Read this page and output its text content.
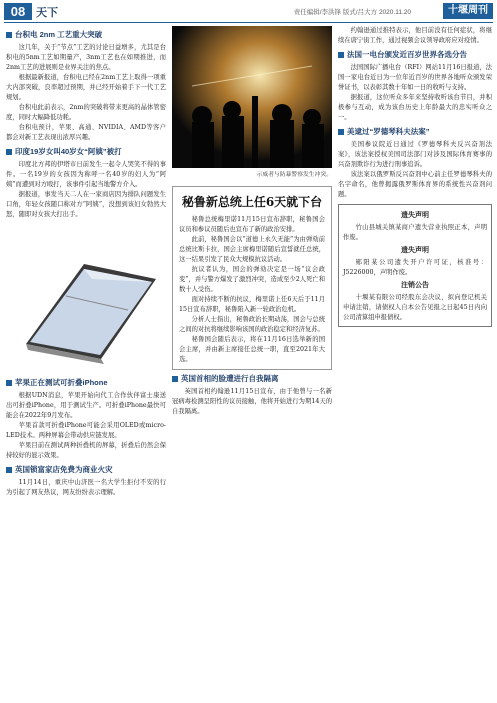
08 天下	责任编辑/李洪锋 版式/吕大方 2020.11.20	十堰周刊
台积电 2nm 工艺重大突破
这几年，关于“节点”工艺的讨论日益增多，尤其是台积电的5nm工艺如期量产，3nm工艺也在如期推进，而2nm工艺的进展则是业界关注的焦点。
根据最新报道，台积电已经在2nm工艺上取得一项重大内部突破，良率超过预期，并已经开始着手下一代工艺规划。
台积电此前表示，2nm的突破将带来更高的晶体管密度，同时大幅降低功耗。
台积电预计，苹果、高通、NVIDIA、AMD等客户都会对新工艺表现出浓厚兴趣。
印度19岁女叫40岁女“阿姨”被打
印度北方邦的伊塔市日前发生一起令人哭笑不得的事件。一名19岁的女孩因为称呼一名40岁的妇人为“阿姨”而遭到对方殴打，该事件引起当地警方介入。
据报道，事发当天二人在一家商店因为排队问题发生口角，年轻女孩随口称对方“阿姨”，没想到该妇女勃然大怒，随即对女孩大打出手。
苹果正在测试可折叠iPhone
根据UDN消息，苹果开始向代工合作伙伴富士康送出可折叠iPhone，用于测试生产。可折叠iPhone最快可能会在2022年9月发布。
苹果首款可折叠iPhone可能会采用OLED或micro-LED技术。两种屏幕会带动供应链发展。
苹果目前在测试两种折叠机的屏幕，折叠后仍然会保持较好的显示效果。
英国锁富家店免费为商业火灾
11月14日，重庆中山济医一名大学生拒付不安的行为引起了网友热议，网友纷纷表示理解。
示威者与防暴警察发生冲突。
秘鲁新总统上任6天就下台
秘鲁总统梅里诺11月15日宣布辞职，秘鲁国会议员和参议员随后也宣布了新的政治安排。
此前，秘鲁国会以“道德上永久无能”为由弹劾前总统比斯卡拉，国会主席梅里诺随后宣誓就任总统，这一结果引发了民众大规模抗议活动。
抗议者认为，国会的弹劾决定是一场“议会政变”，并与警方爆发了激烈冲突，造成至少2人死亡和数十人受伤。
面对持续不断的抗议，梅里诺上任6天后于11月15日宣布辞职，秘鲁陷入新一轮政治危机。
分析人士指出，秘鲁政治长期动荡，国会与总统之间的对抗将继续影响该国的政治稳定和经济复苏。
秘鲁国会随后表示，将在11月16日选举新的国会主席，并由新主席接任总统一职，直至2021年大选。
英国首相的脸遭进行自我隔离
英国首相约翰逊11月15日宣布，由于他曾与一名新冠病毒检测呈阳性的议员接触，他将开始进行为期14天的自我隔离。
约翰逊通过推特表示，他目前没有任何症状，将继续在唐宁街工作，通过视频会议领导政府应对疫情。
法国一电台颁发近百岁世界各选分告
法国国际广播电台（RFI）网站11月16日报道，法国一家电台近日为一位年近百岁的世界各地听众颁发荣誉证书，以表彰其数十年如一日的收听与支持。
据报道，这位听众多年来坚持收听该台节目，并积极参与互动，成为该台历史上年龄最大的忠实听众之一。
美逮过“罗德琴科夫法案”
美国参议院近日通过《罗德琴科夫反兴奋剂法案》，该法案授权美国司法部门对涉及国际体育赛事的兴奋剂欺诈行为进行刑事追诉。
该法案以俄罗斯反兴奋剂中心前主任罗德琴科夫的名字命名，他曾揭露俄罗斯体育界的系统性兴奋剂问题。
遗失声明
竹山县城关镇某商户遗失营业执照正本，声明作废。
遗失声明
郧阳某公司遗失开户许可证，核准号：J5226000，声明作废。
注销公告
十堰某有限公司经股东会决议，拟向登记机关申请注销，请债权人自本公告见报之日起45日内向公司清算组申报债权。
